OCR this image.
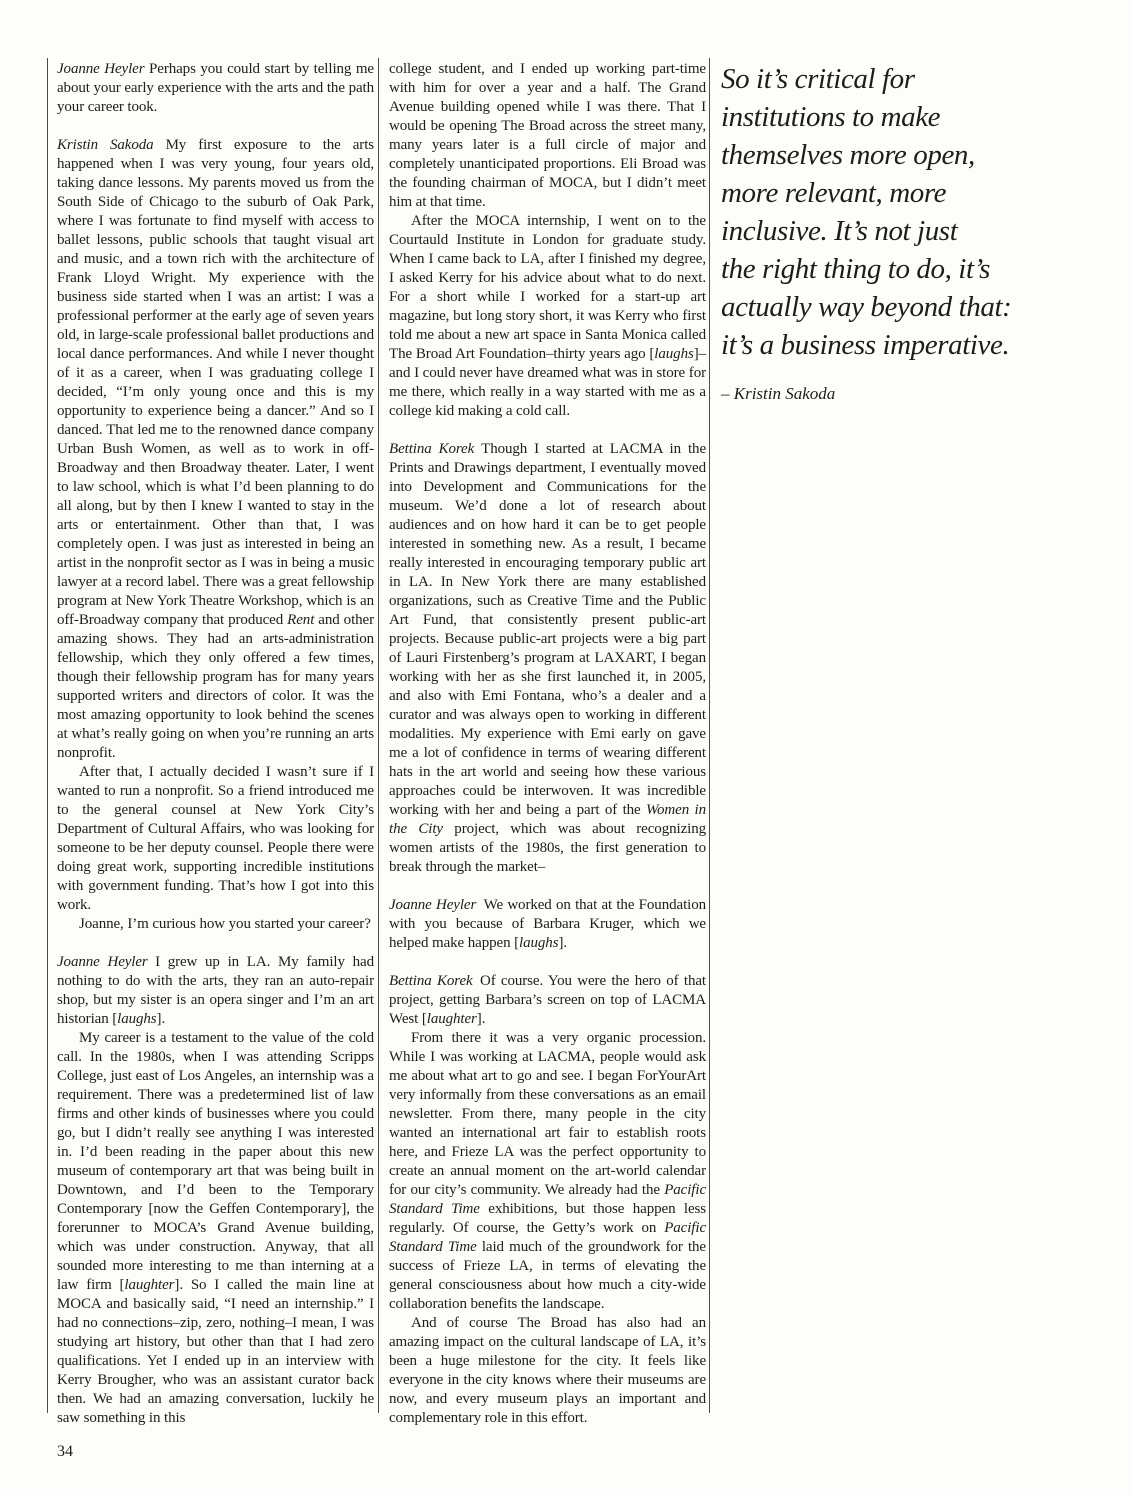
Joanne Heyler Perhaps you could start by telling me about your early experience with the arts and the path your career took.

Kristin Sakoda My first exposure to the arts happened when I was very young, four years old, taking dance lessons. My parents moved us from the South Side of Chicago to the suburb of Oak Park, where I was fortunate to find myself with access to ballet lessons, public schools that taught visual art and music, and a town rich with the architecture of Frank Lloyd Wright. My experience with the business side started when I was an artist: I was a professional performer at the early age of seven years old, in large-scale professional ballet productions and local dance performances. And while I never thought of it as a career, when I was graduating college I decided, “I’m only young once and this is my opportunity to experience being a dancer.” And so I danced. That led me to the renowned dance company Urban Bush Women, as well as to work in off-Broadway and then Broadway theater. Later, I went to law school, which is what I’d been planning to do all along, but by then I knew I wanted to stay in the arts or entertainment. Other than that, I was completely open. I was just as interested in being an artist in the nonprofit sector as I was in being a music lawyer at a record label. There was a great fellowship program at New York Theatre Workshop, which is an off-Broadway company that produced Rent and other amazing shows. They had an arts-administration fellowship, which they only offered a few times, though their fellowship program has for many years supported writers and directors of color. It was the most amazing opportunity to look behind the scenes at what’s really going on when you’re running an arts nonprofit.

After that, I actually decided I wasn’t sure if I wanted to run a nonprofit. So a friend introduced me to the general counsel at New York City’s Department of Cultural Affairs, who was looking for someone to be her deputy counsel. People there were doing great work, supporting incredible institutions with government funding. That’s how I got into this work.

Joanne, I’m curious how you started your career?

Joanne Heyler I grew up in LA. My family had nothing to do with the arts, they ran an auto-repair shop, but my sister is an opera singer and I’m an art historian [laughs].

My career is a testament to the value of the cold call. In the 1980s, when I was attending Scripps College, just east of Los Angeles, an internship was a requirement. There was a predetermined list of law firms and other kinds of businesses where you could go, but I didn’t really see anything I was interested in. I’d been reading in the paper about this new museum of contemporary art that was being built in Downtown, and I’d been to the Temporary Contemporary [now the Geffen Contemporary], the forerunner to MOCA’s Grand Avenue building, which was under construction. Anyway, that all sounded more interesting to me than interning at a law firm [laughter]. So I called the main line at MOCA and basically said, “I need an internship.” I had no connections–zip, zero, nothing–I mean, I was studying art history, but other than that I had zero qualifications. Yet I ended up in an interview with Kerry Brougher, who was an assistant curator back then. We had an amazing conversation, luckily he saw something in this

college student, and I ended up working part-time with him for over a year and a half. The Grand Avenue building opened while I was there. That I would be opening The Broad across the street many, many years later is a full circle of major and completely unanticipated proportions. Eli Broad was the founding chairman of MOCA, but I didn’t meet him at that time.

After the MOCA internship, I went on to the Courtauld Institute in London for graduate study. When I came back to LA, after I finished my degree, I asked Kerry for his advice about what to do next. For a short while I worked for a start-up art magazine, but long story short, it was Kerry who first told me about a new art space in Santa Monica called The Broad Art Foundation–thirty years ago [laughs]–and I could never have dreamed what was in store for me there, which really in a way started with me as a college kid making a cold call.

Bettina Korek Though I started at LACMA in the Prints and Drawings department, I eventually moved into Development and Communications for the museum. We’d done a lot of research about audiences and on how hard it can be to get people interested in something new. As a result, I became really interested in encouraging temporary public art in LA. In New York there are many established organizations, such as Creative Time and the Public Art Fund, that consistently present public-art projects. Because public-art projects were a big part of Lauri Firstenberg’s program at LAXART, I began working with her as she first launched it, in 2005, and also with Emi Fontana, who’s a dealer and a curator and was always open to working in different modalities. My experience with Emi early on gave me a lot of confidence in terms of wearing different hats in the art world and seeing how these various approaches could be interwoven. It was incredible working with her and being a part of the Women in the City project, which was about recognizing women artists of the 1980s, the first generation to break through the market–

Joanne Heyler We worked on that at the Foundation with you because of Barbara Kruger, which we helped make happen [laughs].

Bettina Korek Of course. You were the hero of that project, getting Barbara’s screen on top of LACMA West [laughter].

From there it was a very organic procession. While I was working at LACMA, people would ask me about what art to go and see. I began ForYourArt very informally from these conversations as an email newsletter. From there, many people in the city wanted an international art fair to establish roots here, and Frieze LA was the perfect opportunity to create an annual moment on the art-world calendar for our city’s community. We already had the Pacific Standard Time exhibitions, but those happen less regularly. Of course, the Getty’s work on Pacific Standard Time laid much of the groundwork for the success of Frieze LA, in terms of elevating the general consciousness about how much a city-wide collaboration benefits the landscape.

And of course The Broad has also had an amazing impact on the cultural landscape of LA, it’s been a huge milestone for the city. It feels like everyone in the city knows where their museums are now, and every museum plays an important and complementary role in this effort.

So it’s critical for
institutions to make
themselves more open,
more relevant, more
inclusive. It’s not just
the right thing to do, it’s
actually way beyond that:
it’s a business imperative.
– Kristin Sakoda
34
